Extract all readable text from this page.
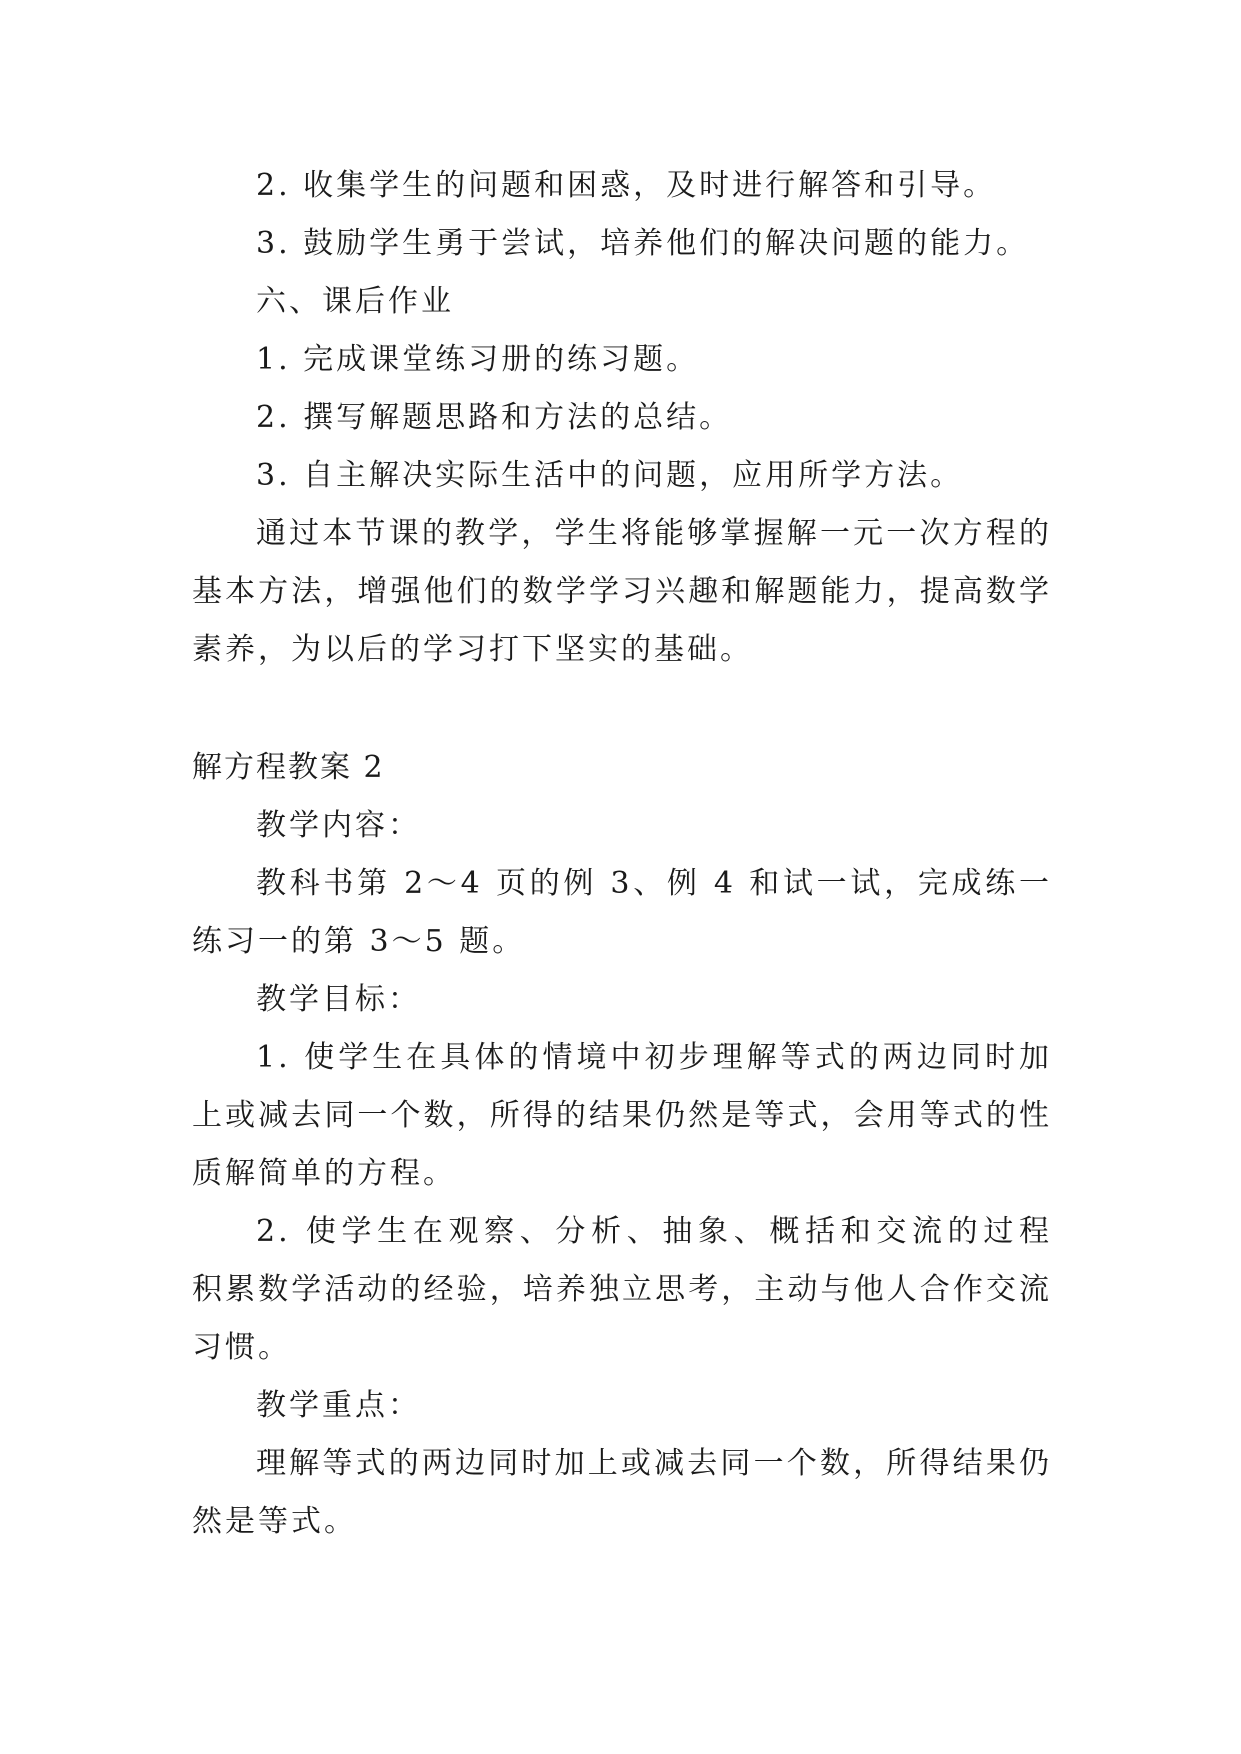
2. 收集学生的问题和困惑，及时进行解答和引导。
3. 鼓励学生勇于尝试，培养他们的解决问题的能力。
六、课后作业
1. 完成课堂练习册的练习题。
2. 撰写解题思路和方法的总结。
3. 自主解决实际生活中的问题，应用所学方法。
通过本节课的教学，学生将能够掌握解一元一次方程的
基本方法，增强他们的数学学习兴趣和解题能力，提高数学
素养，为以后的学习打下坚实的基础。
解方程教案 2
教学内容：
教科书第 2～4 页的例 3、例 4 和试一试，完成练一
练习一的第 3～5 题。
教学目标：
1. 使学生在具体的情境中初步理解等式的两边同时加
上或减去同一个数，所得的结果仍然是等式，会用等式的性
质解简单的方程。
2. 使学生在观察、分析、抽象、概括和交流的过程
积累数学活动的经验，培养独立思考，主动与他人合作交流
习惯。
教学重点：
理解等式的两边同时加上或减去同一个数，所得结果仍
然是等式。
